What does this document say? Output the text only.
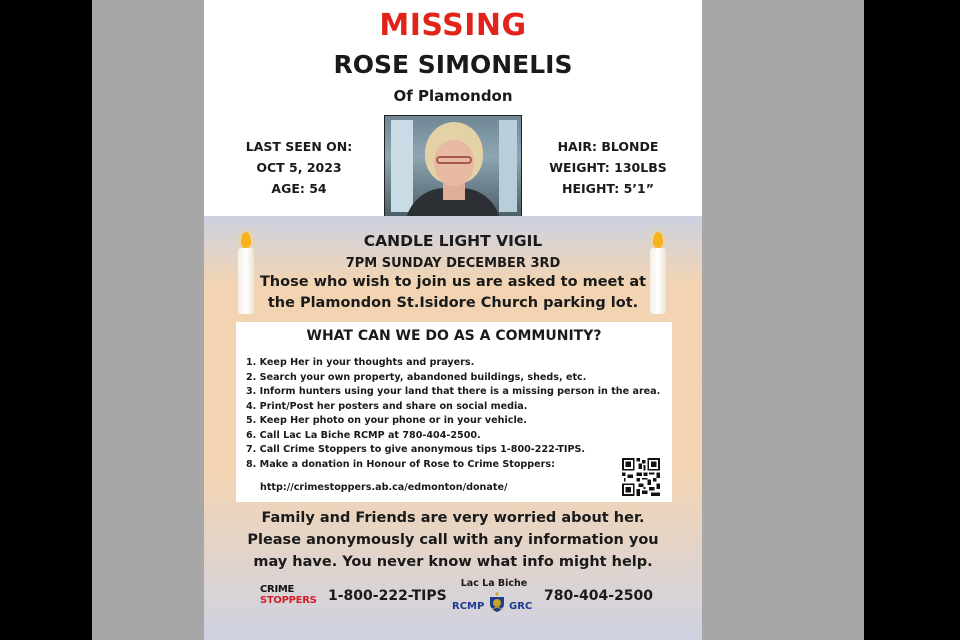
MISSING
ROSE SIMONELIS
Of Plamondon
LAST SEEN ON:
OCT 5, 2023
AGE: 54
HAIR: BLONDE
WEIGHT: 130LBS
HEIGHT: 5’1”
CANDLE LIGHT VIGIL
7PM SUNDAY DECEMBER 3RD
Those who wish to join us are asked to meet at
the Plamondon St.Isidore Church parking lot.
WHAT CAN WE DO AS A COMMUNITY?
1. Keep Her in your thoughts and prayers.
2. Search your own property, abandoned buildings, sheds, etc.
3. Inform hunters using your land that there is a missing person in the area.
4. Print/Post her posters and share on social media.
5. Keep Her photo on your phone or in your vehicle.
6. Call Lac La Biche RCMP at 780-404-2500.
7. Call Crime Stoppers to give anonymous tips 1-800-222-TIPS.
8. Make a donation in Honour of Rose to Crime Stoppers:
http://crimestoppers.ab.ca/edmonton/donate/
Family and Friends are very worried about her.
Please anonymously call with any information you
may have. You never know what info might help.
CRIME
STOPPERS 1-800-222-TIPS
Lac La Biche
RCMP GRC
780-404-2500
